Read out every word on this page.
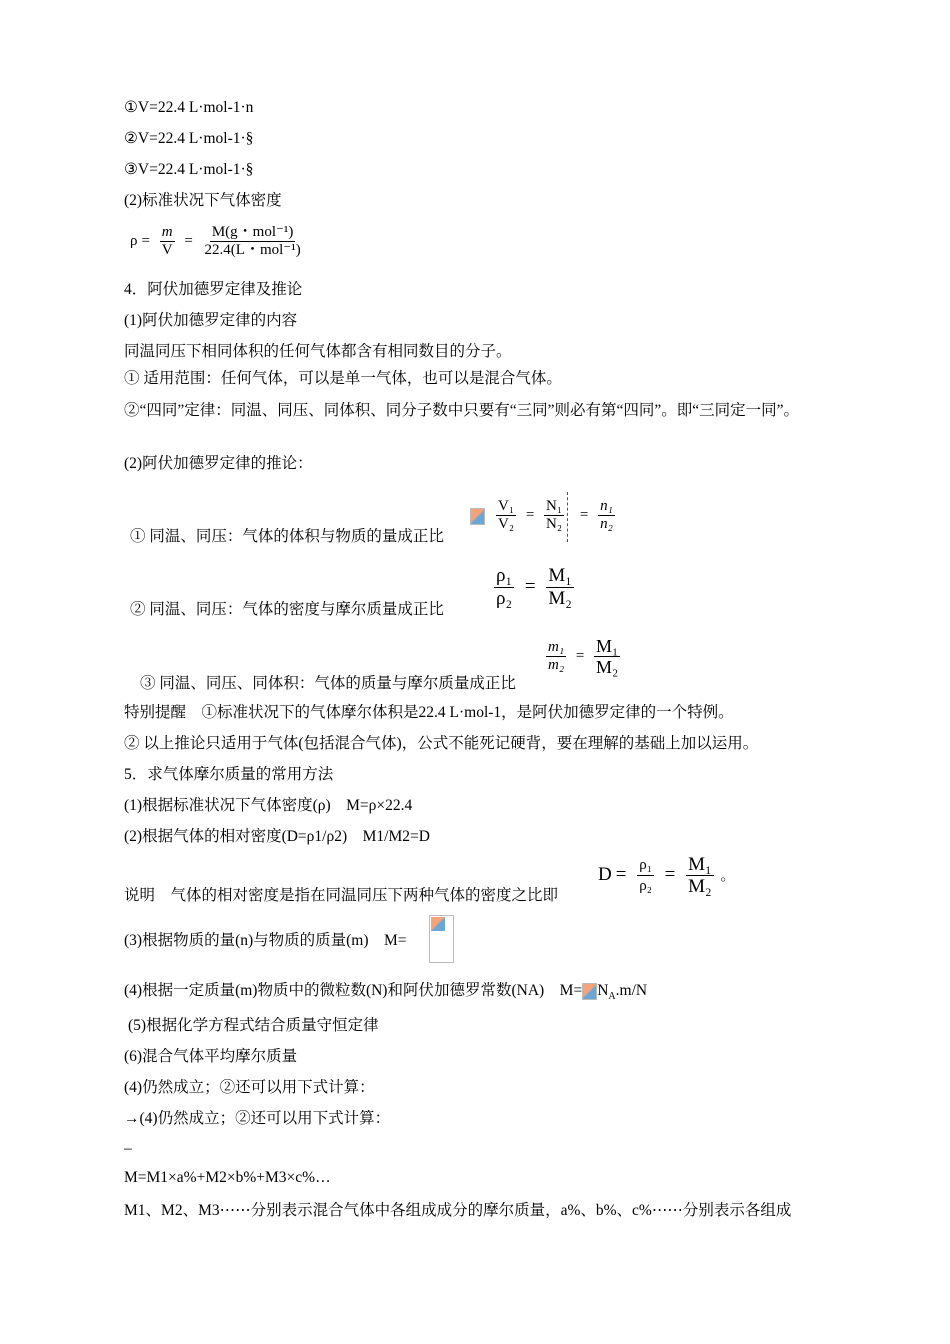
①V=22.4 L·mol-1·n
②V=22.4 L·mol-1·§
③V=22.4 L·mol-1·§
(2)标准状况下气体密度
$\rho = \frac{m}{V} = \frac{\text{M(g・mol⁻¹)}}{\text{22.4(L・mol⁻¹)}}$
4．阿伏加德罗定律及推论
(1)阿伏加德罗定律的内容
同温同压下相同体积的任何气体都含有相同数目的分子。
① 适用范围：任何气体，可以是单一气体，也可以是混合气体。
②“四同”定律：同温、同压、同体积、同分子数中只要有“三同”则必有第“四同”。即“三同定一同”。
(2)阿伏加德罗定律的推论：
① 同温、同压：气体的体积与物质的量成正比
$\frac{\text{V₁}}{\text{V₂}} = \frac{\text{N₁}}{\text{N₂}} = \frac{\text{n₁}}{\text{n₂}}$
② 同温、同压：气体的密度与摩尔质量成正比	$\frac{\text{ρ₁}}{\text{ρ₂}} = \frac{\text{M₁}}{\text{M₂}}$
③ 同温、同压、同体积：气体的质量与摩尔质量成正比
$\frac{\text{m₁}}{\text{m₂}} = \frac{\text{M₁}}{\text{M₂}}$
特别提醒　①标准状况下的气体摩尔体积是22.4 L·mol-1，是阿伏加德罗定律的一个特例。
② 以上推论只适用于气体(包括混合气体)，公式不能死记硬背，要在理解的基础上加以运用。
5．求气体摩尔质量的常用方法
(1)根据标准状况下气体密度(ρ)　M=ρ×22.4
(2)根据气体的相对密度(D=ρ1/ρ2)　M1/M2=D
说明　气体的相对密度是指在同温同压下两种气体的密度之比即
$D = \frac{\text{ρ₁}}{\text{ρ₂}} = \frac{\text{M₁}}{\text{M₂}}$ 。
(3)根据物质的量(n)与物质的质量(m)　M=
(4)根据一定质量(m)物质中的微粒数(N)和阿伏加德罗常数(NA)　$M= N_A.m/N$
(5)根据化学方程式结合质量守恒定律
(6)混合气体平均摩尔质量
(4)仍然成立；②还可以用下式计算：
→(4)仍然成立；②还可以用下式计算：
–
M=M1×a%+M2×b%+M3×c%…
M1、M2、M3⋯⋯分别表示混合气体中各组成成分的摩尔质量，a%、b%、c%⋯⋯分别表示各组成
